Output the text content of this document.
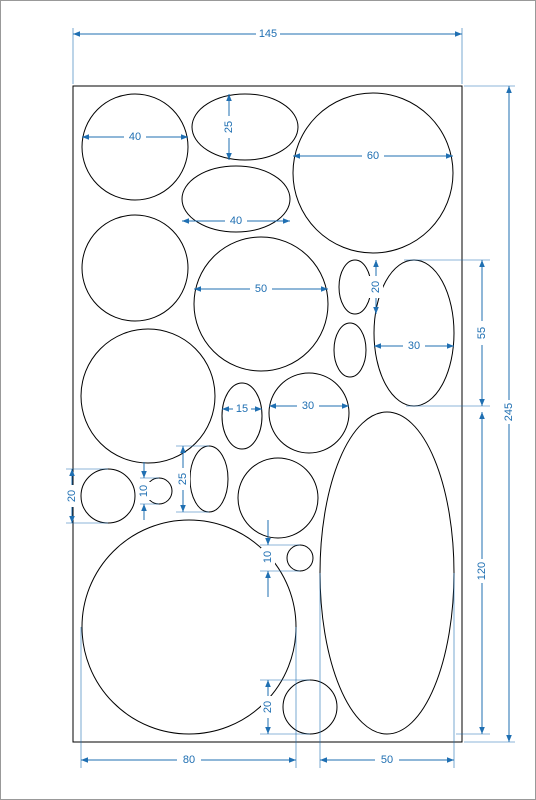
145
245
55
120
80	50
40
25
60
40
50	20
30
15	30
20	10
25
10
20
